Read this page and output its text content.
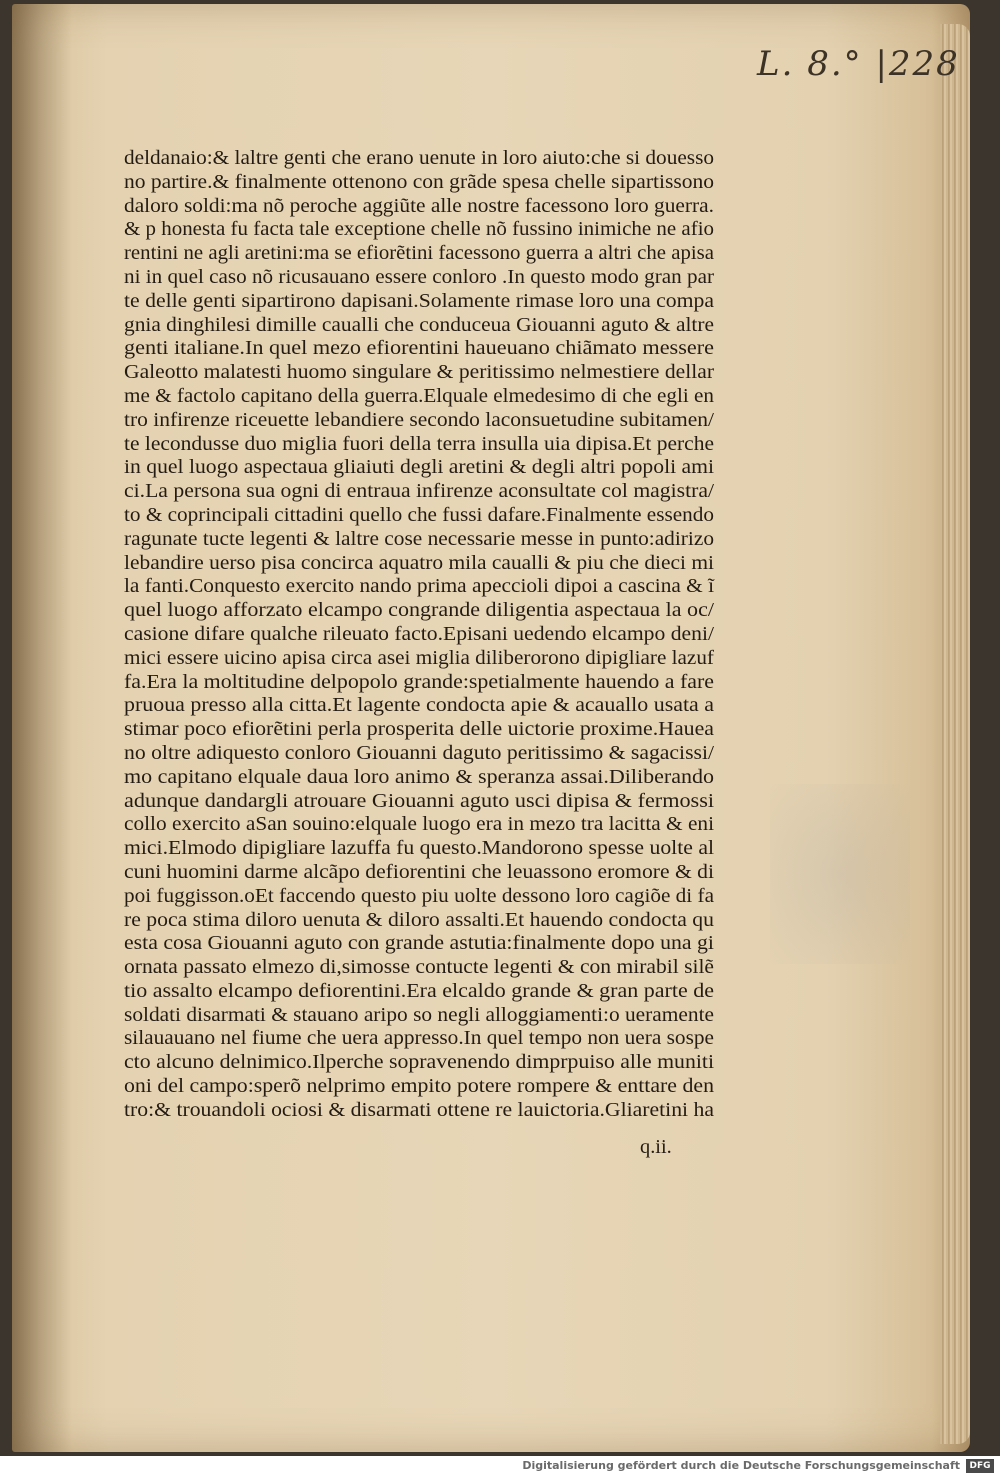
L. 8.° |228
deldanaio:& laltre genti che erano uenute in loro aiuto:che si douesso
no partire.& finalmente ottenono con grãde spesa chelle sipartissono
daloro soldi:ma nõ peroche aggiũte alle nostre facessono loro guerra.
& p honesta fu facta tale exceptione chelle nõ fussino inimiche ne afio
rentini ne agli aretini:ma se efiorẽtini facessono guerra a altri che apisa
ni in quel caso nõ ricusauano essere conloro .In questo modo gran par
te delle genti sipartirono dapisani.Solamente rimase loro una compa
gnia dinghilesi dimille caualli che conduceua Giouanni aguto & altre
genti italiane.In quel mezo efiorentini haueuano chiãmato messere
Galeotto malatesti huomo singulare & peritissimo nelmestiere dellar
me & factolo capitano della guerra.Elquale elmedesimo di che egli en
tro infirenze riceuette lebandiere secondo laconsuetudine subitamen/
te lecondusse duo miglia fuori della terra insulla uia dipisa.Et perche
in quel luogo aspectaua gliaiuti degli aretini & degli altri popoli ami
ci.La persona sua ogni di entraua infirenze aconsultate col magistra/
to & coprincipali cittadini quello che fussi dafare.Finalmente essendo
ragunate tucte legenti & laltre cose necessarie messe in punto:adirizo
lebandire uerso pisa concirca aquatro mila caualli & piu che dieci mi
la fanti.Conquesto exercito nando prima apeccioli dipoi a cascina & ĩ
quel luogo afforzato elcampo congrande diligentia aspectaua la oc/
casione difare qualche rileuato facto.Episani uedendo elcampo deni/
mici essere uicino apisa circa asei miglia diliberorono dipigliare lazuf
fa.Era la moltitudine delpopolo grande:spetialmente hauendo a fare
pruoua presso alla citta.Et lagente condocta apie & acauallo usata a
stimar poco efiorẽtini perla prosperita delle uictorie proxime.Hauea
no oltre adiquesto conloro Giouanni daguto peritissimo & sagacissi/
mo capitano elquale daua loro animo & speranza assai.Diliberando
adunque dandargli atrouare Giouanni aguto usci dipisa & fermossi
collo exercito aSan souino:elquale luogo era in mezo tra lacitta & eni
mici.Elmodo dipigliare lazuffa fu questo.Mandorono spesse uolte al
cuni huomini darme alcãpo defiorentini che leuassono eromore & di
poi fuggisson.oEt faccendo questo piu uolte dessono loro cagiõe di fa
re poca stima diloro uenuta & diloro assalti.Et hauendo condocta qu
esta cosa Giouanni aguto con grande astutia:finalmente dopo una gi
ornata passato elmezo di,simosse contucte legenti & con mirabil silẽ
tio assalto elcampo defiorentini.Era elcaldo grande & gran parte de
soldati disarmati & stauano aripo so negli alloggiamenti:o ueramente
silauauano nel fiume che uera appresso.In quel tempo non uera sospe
cto alcuno delnimico.Ilperche sopravenendo dimprpuiso alle muniti
oni del campo:sperõ nelprimo empito potere rompere & enttare den
tro:& trouandoli ociosi & disarmati ottene re lauictoria.Gliaretini ha
q.ii.
Digitalisierung gefördert durch die Deutsche Forschungsgemeinschaft	DFG
